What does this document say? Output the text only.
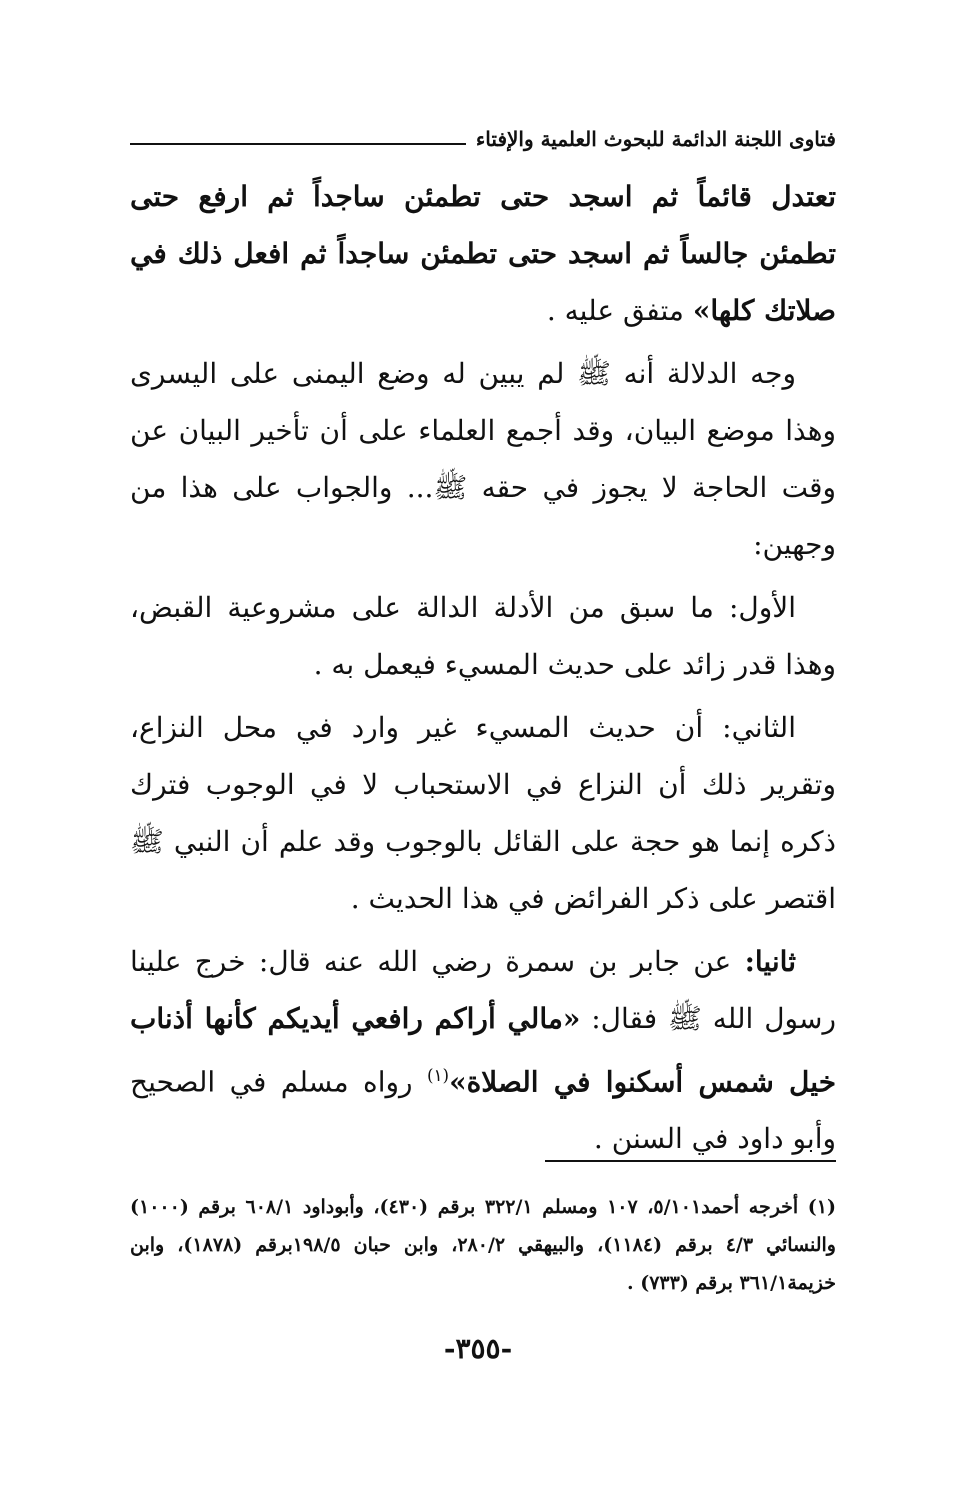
فتاوى اللجنة الدائمة للبحوث العلمية والإفتاء

تعتدل قائماً ثم اسجد حتى تطمئن ساجداً ثم ارفع حتى تطمئن جالساً ثم اسجد حتى تطمئن ساجداً ثم افعل ذلك في صلاتك كلها» متفق عليه .

وجه الدلالة أنه ﷺ لم يبين له وضع اليمنى على اليسرى وهذا موضع البيان، وقد أجمع العلماء على أن تأخير البيان عن وقت الحاجة لا يجوز في حقه ﷺ... والجواب على هذا من وجهين:

الأول: ما سبق من الأدلة الدالة على مشروعية القبض، وهذا قدر زائد على حديث المسيء فيعمل به .

الثاني: أن حديث المسيء غير وارد في محل النزاع، وتقرير ذلك أن النزاع في الاستحباب لا في الوجوب فترك ذكره إنما هو حجة على القائل بالوجوب وقد علم أن النبي ﷺ اقتصر على ذكر الفرائض في هذا الحديث .

ثانيا: عن جابر بن سمرة رضي الله عنه قال: خرج علينا رسول الله ﷺ فقال: «مالي أراكم رافعي أيديكم كأنها أذناب خيل شمس أسكنوا في الصلاة»$^{(١)}$ رواه مسلم في الصحيح وأبو داود في السنن .

(١) أخرجه أحمد٥/١٠١، ١٠٧ ومسلم ٣٢٢/١ برقم (٤٣٠)، وأبوداود ٦٠٨/١ برقم (١٠٠٠) والنسائي ٤/٣ برقم (١١٨٤)، والبيهقي ٢٨٠/٢، وابن حبان ١٩٨/٥برقم (١٨٧٨)، وابن خزيمة٣٦١/١ برقم (٧٣٣) .

-٣٥٥-
